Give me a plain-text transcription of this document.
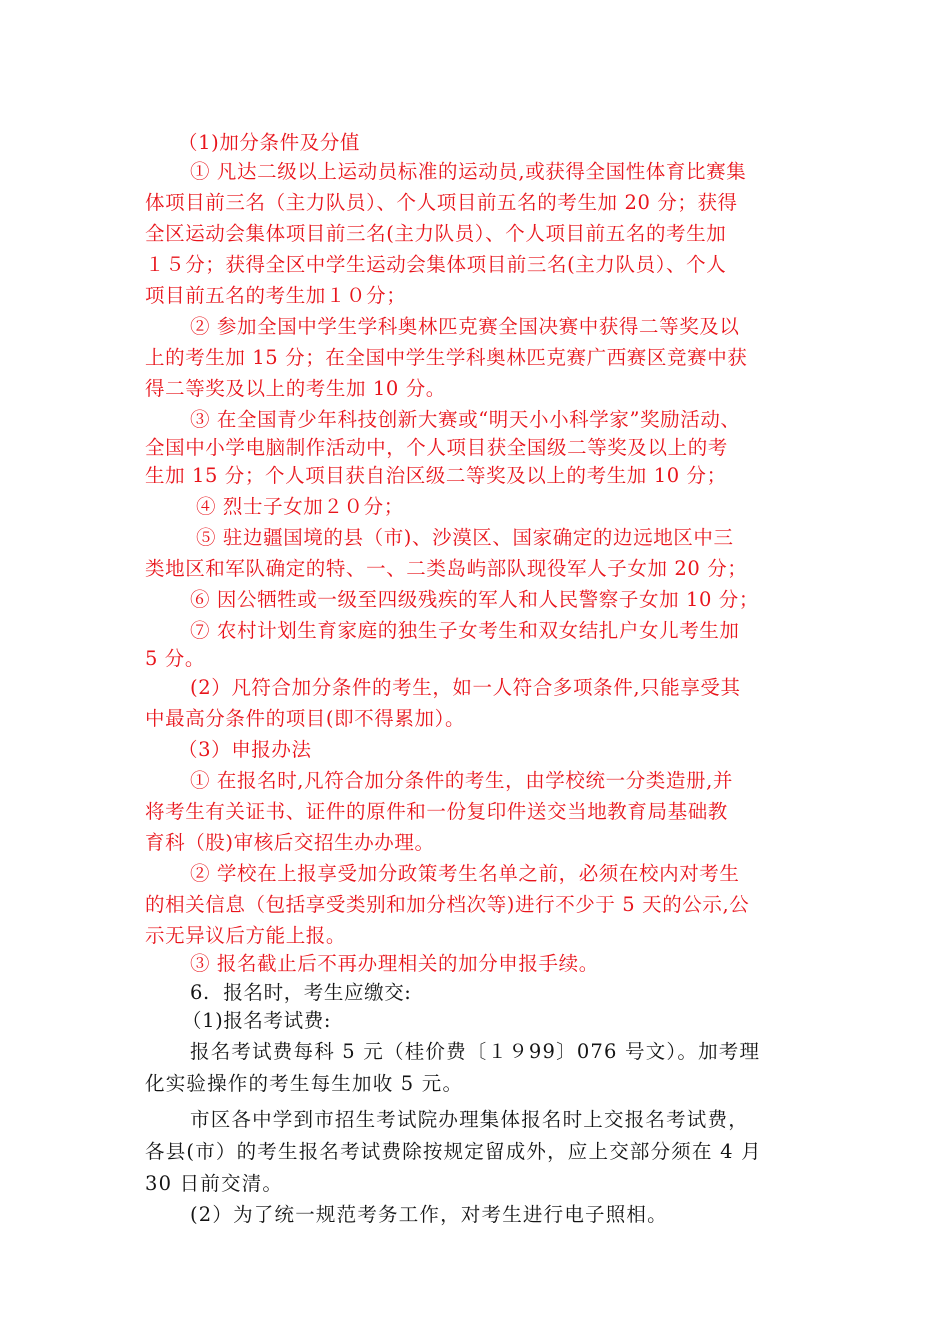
（1)加分条件及分值
① 凡达二级以上运动员标准的运动员,或获得全国性体育比赛集
体项目前三名（主力队员）、个人项目前五名的考生加 20 分；获得
全区运动会集体项目前三名(主力队员）、个人项目前五名的考生加
１５分；获得全区中学生运动会集体项目前三名(主力队员）、个人
项目前五名的考生加１０分；
② 参加全国中学生学科奥林匹克赛全国决赛中获得二等奖及以
上的考生加 15 分；在全国中学生学科奥林匹克赛广西赛区竞赛中获
得二等奖及以上的考生加 10 分。
③ 在全国青少年科技创新大赛或“明天小小科学家”奖励活动、
全国中小学电脑制作活动中，个人项目获全国级二等奖及以上的考
生加 15 分；个人项目获自治区级二等奖及以上的考生加 10 分；
④ 烈士子女加２０分；
⑤ 驻边疆国境的县（市)、沙漠区、国家确定的边远地区中三
类地区和军队确定的特、一、二类岛屿部队现役军人子女加 20 分；
⑥ 因公牺牲或一级至四级残疾的军人和人民警察子女加 10 分；
⑦ 农村计划生育家庭的独生子女考生和双女结扎户女儿考生加
5 分。
(2）凡符合加分条件的考生，如一人符合多项条件,只能享受其
中最高分条件的项目(即不得累加）。
（3）申报办法
① 在报名时,凡符合加分条件的考生，由学校统一分类造册,并
将考生有关证书、证件的原件和一份复印件送交当地教育局基础教
育科（股)审核后交招生办办理。
② 学校在上报享受加分政策考生名单之前，必须在校内对考生
的相关信息（包括享受类别和加分档次等)进行不少于 5 天的公示,公
示无异议后方能上报。
③ 报名截止后不再办理相关的加分申报手续。
6.  报名时，考生应缴交:
（1)报名考试费:
报名考试费每科 5 元（桂价费〔１９99〕076 号文）。加考理
化实验操作的考生每生加收 5 元。
市区各中学到市招生考试院办理集体报名时上交报名考试费，
各县(市）的考生报名考试费除按规定留成外，应上交部分须在 4 月
30 日前交清。
(2）为了统一规范考务工作，对考生进行电子照相。
